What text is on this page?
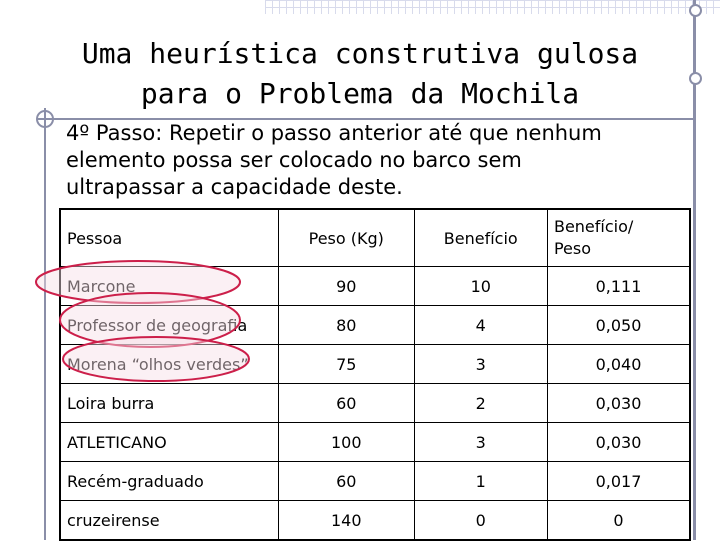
Uma heurística construtiva gulosa
para o Problema da Mochila
4º Passo: Repetir o passo anterior até que nenhum
elemento possa ser colocado no barco sem
ultrapassar a capacidade deste.
Pessoa	Peso (Kg)	Benefício	Benefício/
Peso
Marcone	90	10	0,111
Professor de geografia	80	4	0,050
Morena “olhos verdes”	75	3	0,040
Loira burra	60	2	0,030
ATLETICANO	100	3	0,030
Recém-graduado	60	1	0,017
cruzeirense	140	0	0
